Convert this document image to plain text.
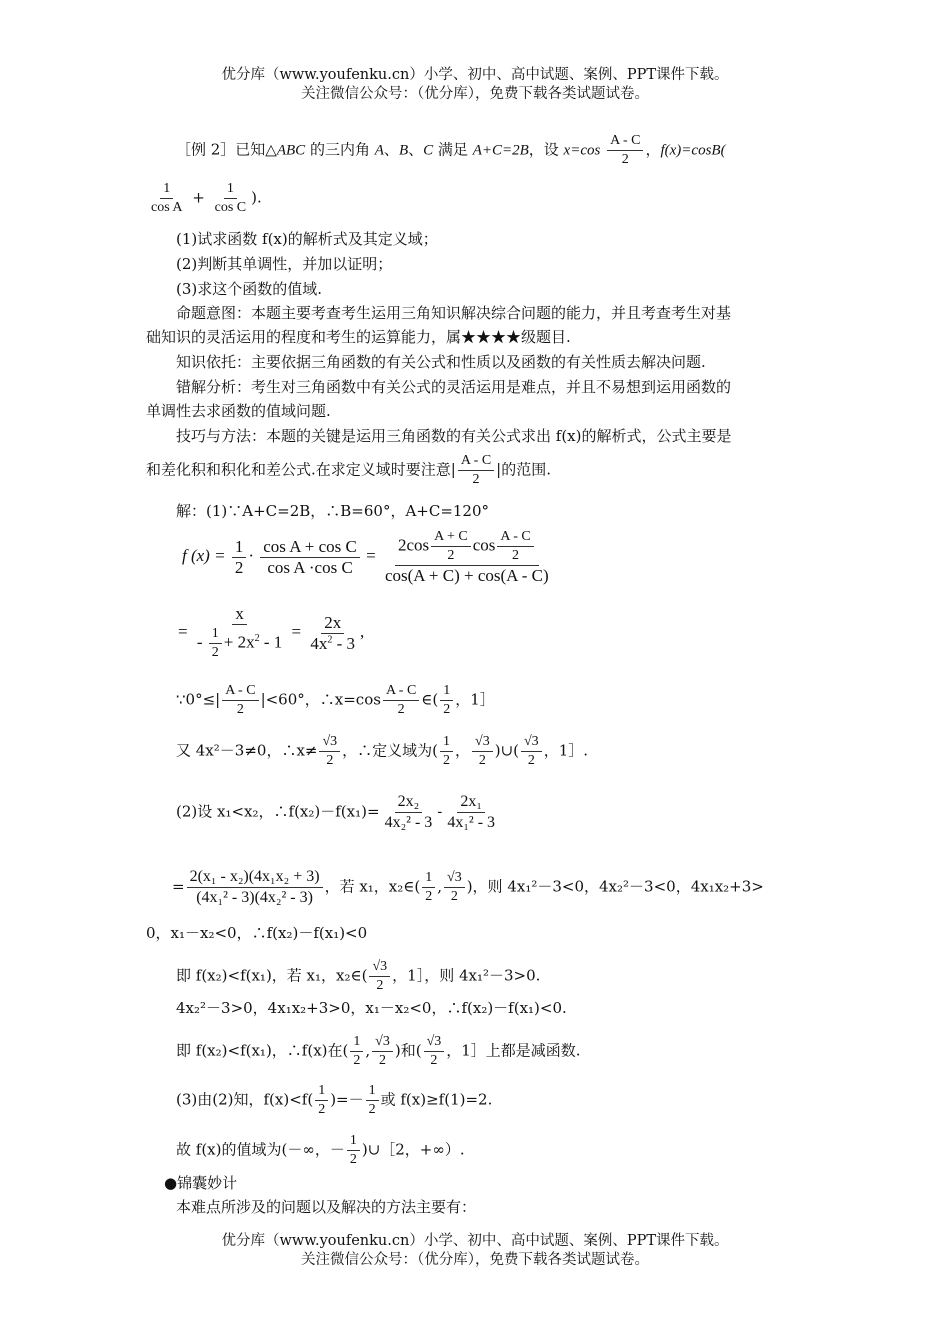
优分库（www.youfenku.cn）小学、初中、高中试题、案例、PPT课件下载。
关注微信公众号：（优分库），免费下载各类试题试卷。
［例 2］已知△ABC 的三内角 A、B、C 满足 A+C=2B，设 $x=\cos \frac{A - C}{2}$ ，f(x)=cosB(
$\frac{1}{\text{cos A}} + \frac{1}{\text{cos C}}$ ).
(1)试求函数 f(x)的解析式及其定义域；
(2)判断其单调性，并加以证明；
(3)求这个函数的值域.
命题意图：本题主要考查考生运用三角知识解决综合问题的能力，并且考查考生对基
础知识的灵活运用的程度和考生的运算能力，属★★★★级题目.
知识依托：主要依据三角函数的有关公式和性质以及函数的有关性质去解决问题.
错解分析：考生对三角函数中有关公式的灵活运用是难点，并且不易想到运用函数的
单调性去求函数的值域问题.
技巧与方法：本题的关键是运用三角函数的有关公式求出 f(x)的解析式，公式主要是
和差化积和积化和差公式.在求定义域时要注意| $\frac{A - C}{2}$ |的范围.
解：(1)∵A+C=2B，∴B=60°，A+C=120°
f $(x) = \frac{1}{2} \cdot \frac{\text{cos A + cos C}}{\text{cos A ·cos C}} = \frac{2\cos \frac{A + C}{2} \cos \frac{A - C}{2}}{\cos(A + C) + \cos(A - C)}$
= $\frac{x}{- \frac{1}{2} + 2x^2 - 1} = \frac{2x}{4x^2 - 3}$ ,
∵0°≤| $\frac{A - C}{2} |<60^\circ$，∴x=cos $\frac{A - C}{2}$ ∈( $\frac{1}{2}$ ，1］
又 4x²－3≠0，∴x≠ $\frac{√3}{2}$ ，∴定义域为( $\frac{1}{2}$ ， $\frac{√3}{2}$ )∪( $\frac{√3}{2}$ ，1］.
(2)设 x₁<x₂，∴f(x₂)－f(x₁)= $\frac{\text{2x₂}}{\text{4x₂² - 3}} - \frac{\text{2x₁}}{\text{4x₁² - 3}}$
= $\frac{\text{2(x₁ - x₂)(4x₁x₂ + 3)}}{\text{(4x₁² - 3)(4x₂² - 3)}}$ ，若 x₁，x₂∈( $\frac{1}{2}$ , $\frac{√3}{2}$ )，则 4x₁²－3<0，4x₂²－3<0，4x₁x₂+3>
0，x₁－x₂<0，∴f(x₂)－f(x₁)<0
即 f(x₂)<f(x₁)，若 x₁，x₂∈( $\frac{√3}{2}$ ，1］，则 4x₁²－3>0.
4x₂²－3>0，4x₁x₂+3>0，x₁－x₂<0，∴f(x₂)－f(x₁)<0.
即 f(x₂)<f(x₁)，∴f(x)在( $\frac{1}{2}$ , $\frac{√3}{2}$ )和( $\frac{√3}{2}$ ，1］上都是减函数.
(3)由(2)知，$f(x)<f( \frac{1}{2}$ )=－ $\frac{1}{2}$ 或 f(x)≥f(1)=2.
故 f(x)的值域为(－∞，－ $\frac{1}{2}$ )∪［2，+∞）.
●锦囊妙计
本难点所涉及的问题以及解决的方法主要有：
优分库（www.youfenku.cn）小学、初中、高中试题、案例、PPT课件下载。
关注微信公众号：（优分库），免费下载各类试题试卷。
